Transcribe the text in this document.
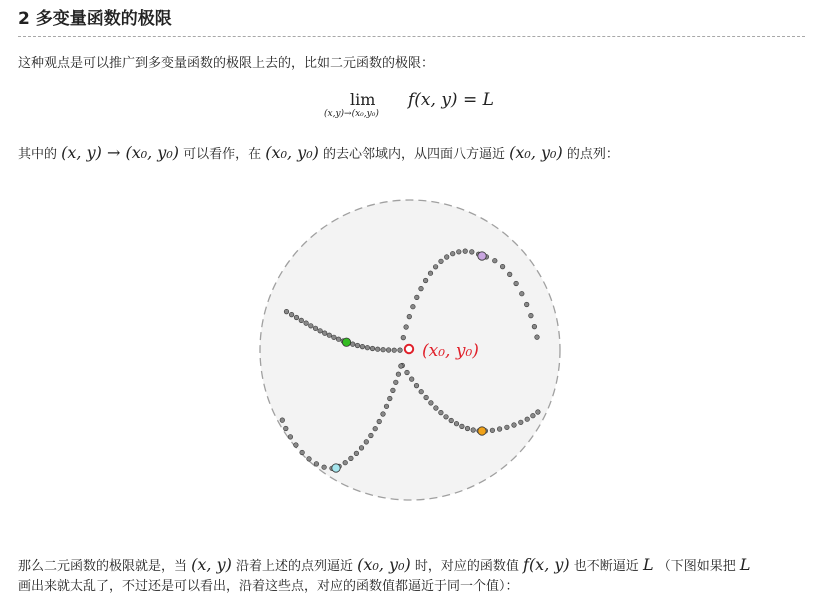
2 多变量函数的极限
这种观点是可以推广到多变量函数的极限上去的，比如二元函数的极限：
lim
(x,y)→(x₀,y₀)
f(x, y) = L
其中的 (x, y) → (x₀, y₀) 可以看作，在 (x₀, y₀) 的去心邻域内，从四面八方逼近 (x₀, y₀) 的点列：
(x₀, y₀)
那么二元函数的极限就是，当 (x, y) 沿着上述的点列逼近 (x₀, y₀) 时，对应的函数值 f(x, y) 也不断逼近 L （下图如果把 L
画出来就太乱了，不过还是可以看出，沿着这些点，对应的函数值都逼近于同一个值）：
